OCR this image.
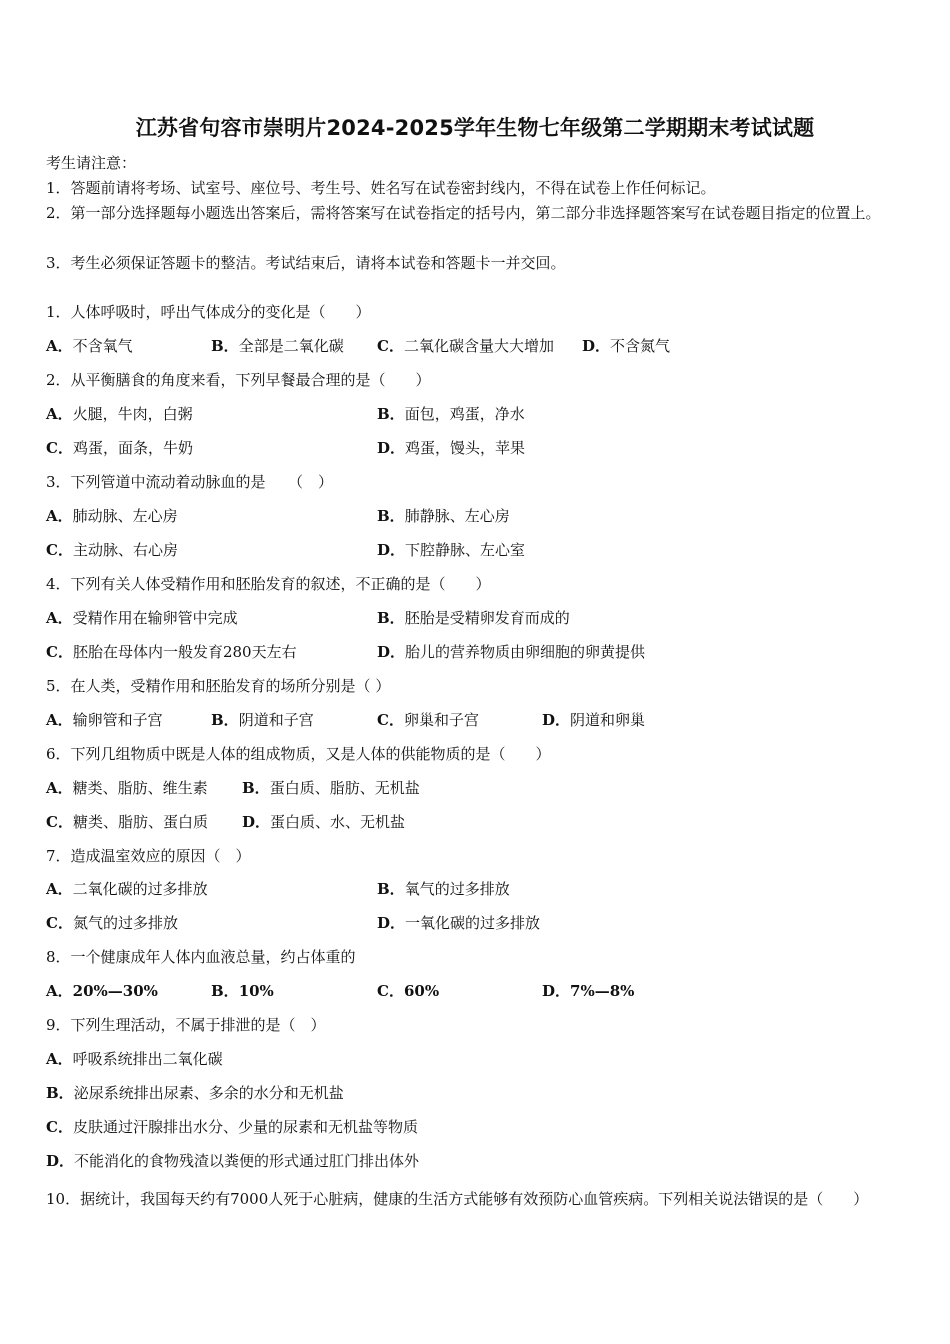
江苏省句容市崇明片2024-2025学年生物七年级第二学期期末考试试题
考生请注意：
1．答题前请将考场、试室号、座位号、考生号、姓名写在试卷密封线内，不得在试卷上作任何标记。
2．第一部分选择题每小题选出答案后，需将答案写在试卷指定的括号内，第二部分非选择题答案写在试卷题目指定的位置上。
3．考生必须保证答题卡的整洁。考试结束后，请将本试卷和答题卡一并交回。
1．人体呼吸时，呼出气体成分的变化是（　　）
A．不含氧气	B．全部是二氧化碳 C．二氧化碳含量大大增加 D．不含氮气
2．从平衡膳食的角度来看，下列早餐最合理的是（　　）
A．火腿，牛肉，白粥	B．面包，鸡蛋，净水
C．鸡蛋，面条，牛奶	D．鸡蛋，馒头，苹果
3．下列管道中流动着动脉血的是　　（　）
A．肺动脉、左心房	B．肺静脉、左心房
C．主动脉、右心房	D．下腔静脉、左心室
4．下列有关人体受精作用和胚胎发育的叙述，不正确的是（　　）
A．受精作用在输卵管中完成	B．胚胎是受精卵发育而成的
C．胚胎在母体内一般发育280天左右	D．胎儿的营养物质由卵细胞的卵黄提供
5．在人类，受精作用和胚胎发育的场所分别是（ ）
A．输卵管和子宫	B．阴道和子宫	C．卵巢和子宫	D．阴道和卵巢
6．下列几组物质中既是人体的组成物质，又是人体的供能物质的是（　　）
A．糖类、脂肪、维生素 B．蛋白质、脂肪、无机盐
C．糖类、脂肪、蛋白质 D．蛋白质、水、无机盐
7．造成温室效应的原因（　）
A．二氧化碳的过多排放	B．氧气的过多排放
C．氮气的过多排放	D．一氧化碳的过多排放
8．一个健康成年人体内血液总量，约占体重的
A．20%—30%	B．10%	C．60%	D．7%—8%
9．下列生理活动，不属于排泄的是（　）
A．呼吸系统排出二氧化碳
B．泌尿系统排出尿素、多余的水分和无机盐
C．皮肤通过汗腺排出水分、少量的尿素和无机盐等物质
D．不能消化的食物残渣以粪便的形式通过肛门排出体外
10．据统计，我国每天约有7000人死于心脏病，健康的生活方式能够有效预防心血管疾病。下列相关说法错误的是（　　）
